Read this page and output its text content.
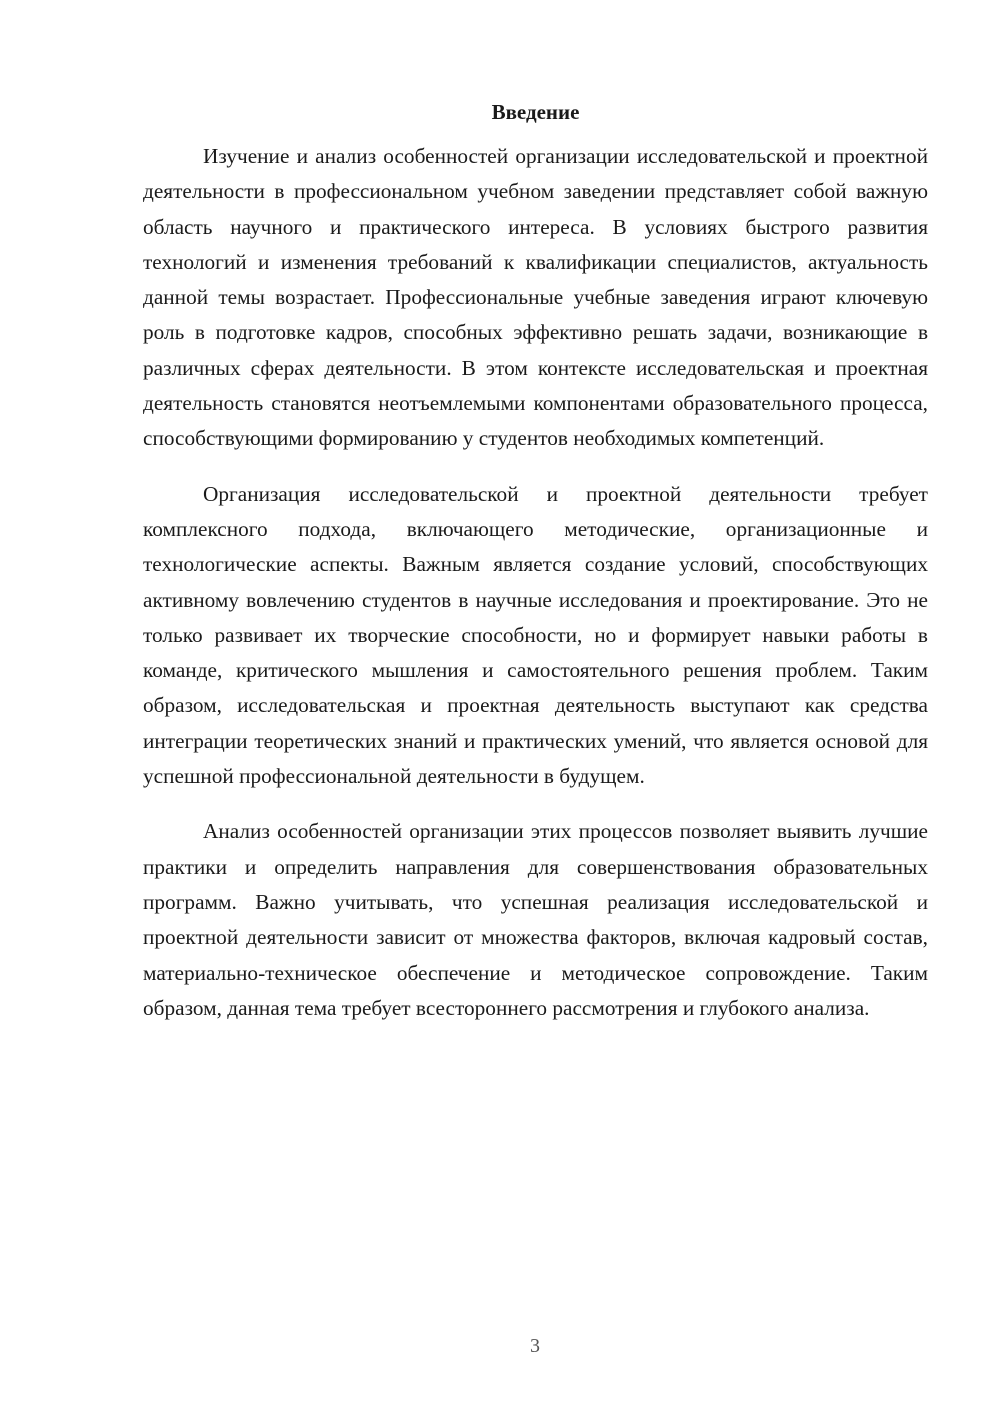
Введение

Изучение и анализ особенностей организации исследовательской и проектной деятельности в профессиональном учебном заведении представляет собой важную область научного и практического интереса. В условиях быстрого развития технологий и изменения требований к квалификации специалистов, актуальность данной темы возрастает. Профессиональные учебные заведения играют ключевую роль в подготовке кадров, способных эффективно решать задачи, возникающие в различных сферах деятельности. В этом контексте исследовательская и проектная деятельность становятся неотъемлемыми компонентами образовательного процесса, способствующими формированию у студентов необходимых компетенций.

Организация исследовательской и проектной деятельности требует комплексного подхода, включающего методические, организационные и технологические аспекты. Важным является создание условий, способствующих активному вовлечению студентов в научные исследования и проектирование. Это не только развивает их творческие способности, но и формирует навыки работы в команде, критического мышления и самостоятельного решения проблем. Таким образом, исследовательская и проектная деятельность выступают как средства интеграции теоретических знаний и практических умений, что является основой для успешной профессиональной деятельности в будущем.

Анализ особенностей организации этих процессов позволяет выявить лучшие практики и определить направления для совершенствования образовательных программ. Важно учитывать, что успешная реализация исследовательской и проектной деятельности зависит от множества факторов, включая кадровый состав, материально-техническое обеспечение и методическое сопровождение. Таким образом, данная тема требует всестороннего рассмотрения и глубокого анализа.

3
